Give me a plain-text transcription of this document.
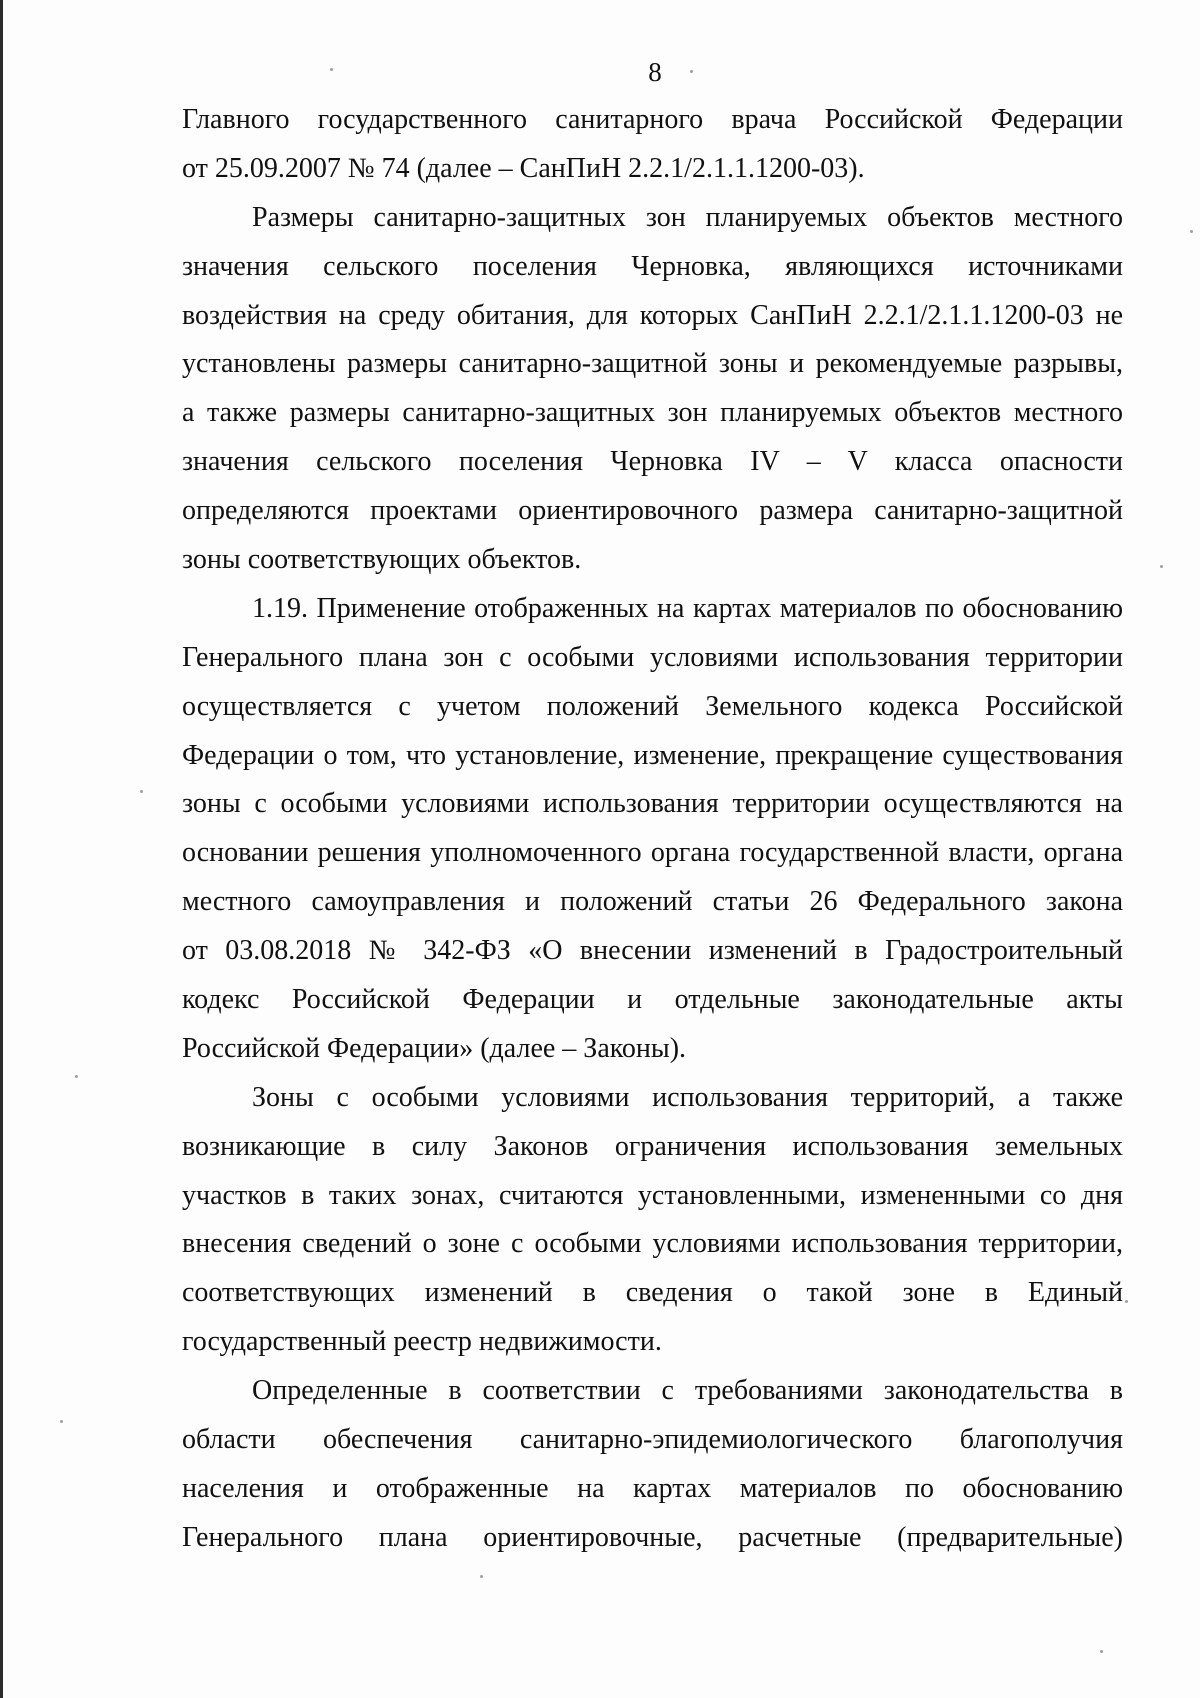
8
Главного государственного санитарного врача Российской Федерации
от 25.09.2007 № 74 (далее – СанПиН 2.2.1/2.1.1.1200-03).
Размеры санитарно-защитных зон планируемых объектов местного
значения сельского поселения Черновка, являющихся источниками
воздействия на среду обитания, для которых СанПиН 2.2.1/2.1.1.1200-03 не
установлены размеры санитарно-защитной зоны и рекомендуемые разрывы,
а также размеры санитарно-защитных зон планируемых объектов местного
значения сельского поселения Черновка IV – V класса опасности
определяются проектами ориентировочного размера санитарно-защитной
зоны соответствующих объектов.
1.19. Применение отображенных на картах материалов по обоснованию
Генерального плана зон с особыми условиями использования территории
осуществляется с учетом положений Земельного кодекса Российской
Федерации о том, что установление, изменение, прекращение существования
зоны с особыми условиями использования территории осуществляются на
основании решения уполномоченного органа государственной власти, органа
местного самоуправления и положений статьи 26 Федерального закона
от 03.08.2018 № 342-ФЗ «О внесении изменений в Градостроительный
кодекс Российской Федерации и отдельные законодательные акты
Российской Федерации» (далее – Законы).
Зоны с особыми условиями использования территорий, а также
возникающие в силу Законов ограничения использования земельных
участков в таких зонах, считаются установленными, измененными со дня
внесения сведений о зоне с особыми условиями использования территории,
соответствующих изменений в сведения о такой зоне в Единый
государственный реестр недвижимости.
Определенные в соответствии с требованиями законодательства в
области обеспечения санитарно-эпидемиологического благополучия
населения и отображенные на картах материалов по обоснованию
Генерального плана ориентировочные, расчетные (предварительные)
